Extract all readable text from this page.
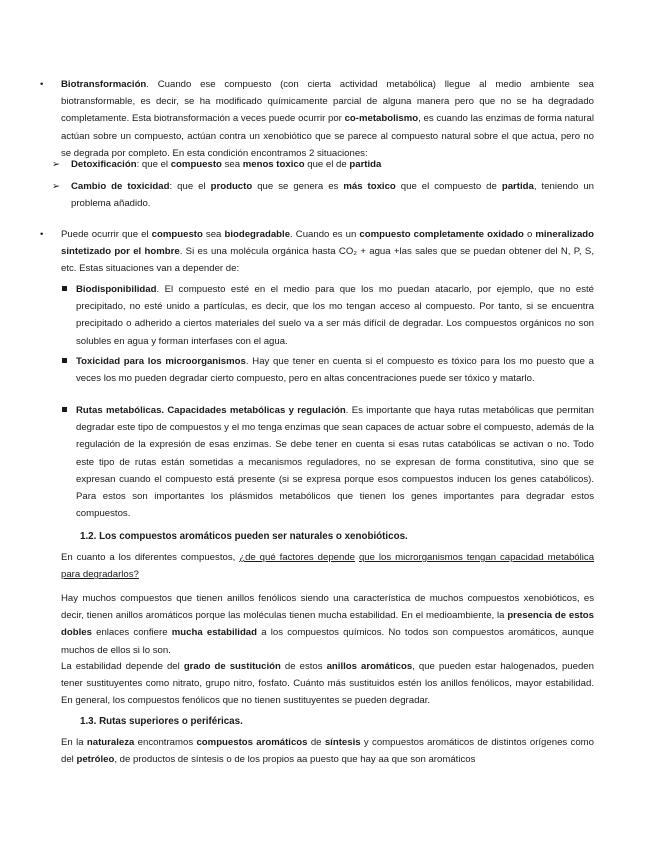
• Biotransformación. Cuando ese compuesto (con cierta actividad metabólica) llegue al medio ambiente sea biotransformable, es decir, se ha modificado químicamente parcial de alguna manera pero que no se ha degradado completamente. Esta biotransformación a veces puede ocurrir por co-metabolismo, es cuando las enzimas de forma natural actúan sobre un compuesto, actúan contra un xenobiótico que se parece al compuesto natural sobre el que actua, pero no se degrada por completo. En esta condición encontramos 2 situaciones:

➢ Detoxificación: que el compuesto sea menos toxico que el de partida

➢ Cambio de toxicidad: que el producto que se genera es más toxico que el compuesto de partida, teniendo un problema añadido.

• Puede ocurrir que el compuesto sea biodegradable. Cuando es un compuesto completamente oxidado o mineralizado sintetizado por el hombre. Si es una molécula orgánica hasta CO₂ + agua +las sales que se puedan obtener del N, P, S, etc. Estas situaciones van a depender de:

Biodisponibilidad. El compuesto esté en el medio para que los mo puedan atacarlo, por ejemplo, que no esté precipitado, no esté unido a partículas, es decir, que los mo tengan acceso al compuesto. Por tanto, si se encuentra precipitado o adherido a ciertos materiales del suelo va a ser más difícil de degradar. Los compuestos orgánicos no son solubles en agua y forman interfases con el agua.

Toxicidad para los microorganismos. Hay que tener en cuenta si el compuesto es tóxico para los mo puesto que a veces los mo pueden degradar cierto compuesto, pero en altas concentraciones puede ser tóxico y matarlo.

Rutas metabólicas. Capacidades metabólicas y regulación. Es importante que haya rutas metabólicas que permitan degradar este tipo de compuestos y el mo tenga enzimas que sean capaces de actuar sobre el compuesto, además de la regulación de la expresión de esas enzimas. Se debe tener en cuenta si esas rutas catabólicas se activan o no. Todo este tipo de rutas están sometidas a mecanismos reguladores, no se expresan de forma constitutiva, sino que se expresan cuando el compuesto está presente (si se expresa porque esos compuestos inducen los genes catabólicos). Para estos son importantes los plásmidos metabólicos que tienen los genes importantes para degradar estos compuestos.

1.2. Los compuestos aromáticos pueden ser naturales o xenobióticos.

En cuanto a los diferentes compuestos, ¿de qué factores depende que los microrganismos tengan capacidad metabólica para degradarlos?

Hay muchos compuestos que tienen anillos fenólicos siendo una característica de muchos compuestos xenobióticos, es decir, tienen anillos aromáticos porque las moléculas tienen mucha estabilidad. En el medioambiente, la presencia de estos dobles enlaces confiere mucha estabilidad a los compuestos químicos. No todos son compuestos aromáticos, aunque muchos de ellos si lo son.

La estabilidad depende del grado de sustitución de estos anillos aromáticos, que pueden estar halogenados, pueden tener sustituyentes como nitrato, grupo nitro, fosfato. Cuánto más sustituidos estén los anillos fenólicos, mayor estabilidad. En general, los compuestos fenólicos que no tienen sustituyentes se pueden degradar.

1.3. Rutas superiores o periféricas.

En la naturaleza encontramos compuestos aromáticos de síntesis y compuestos aromáticos de distintos orígenes como del petróleo, de productos de síntesis o de los propios aa puesto que hay aa que son aromáticos
